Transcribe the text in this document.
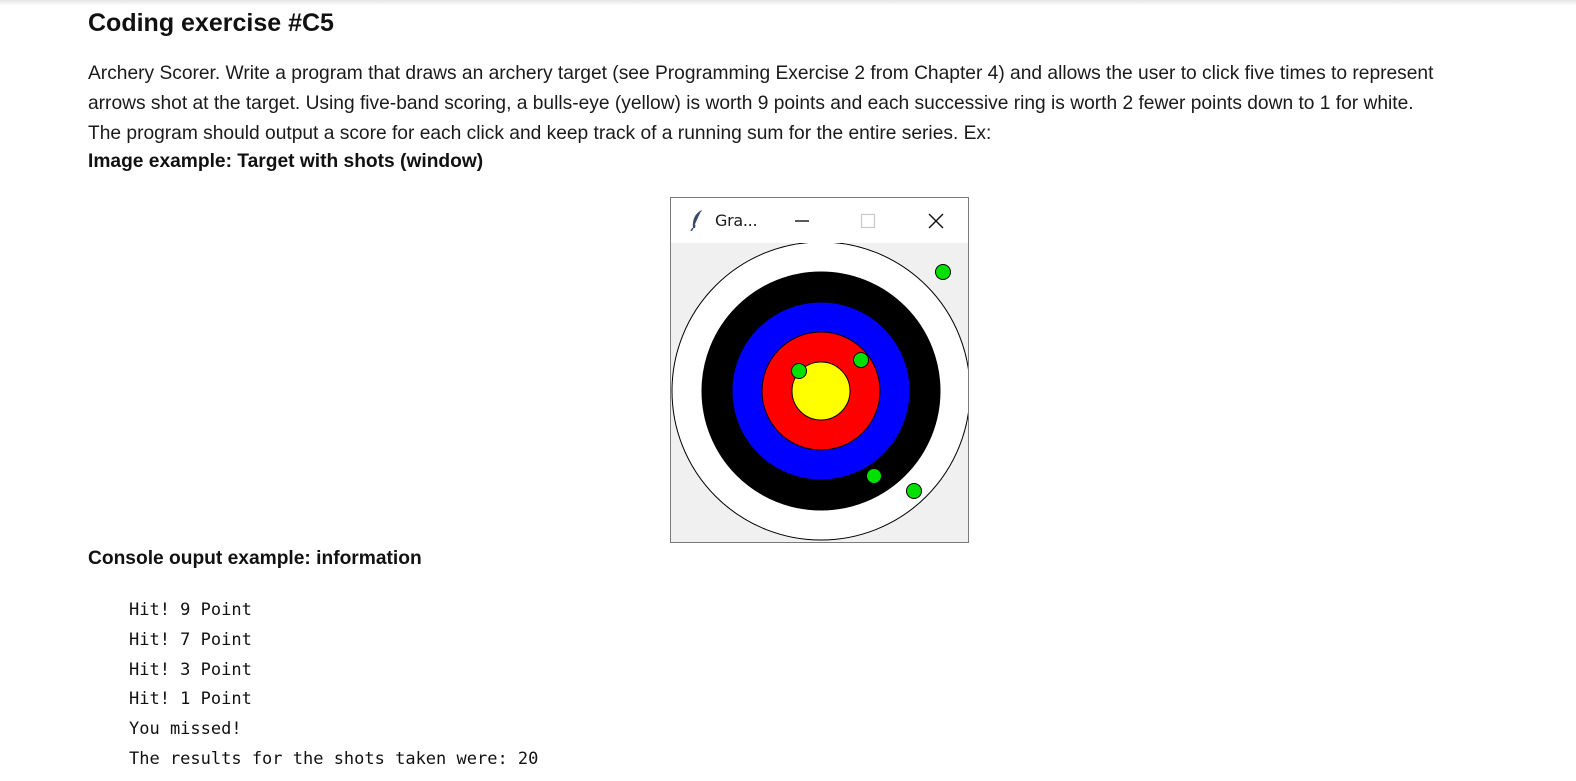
Coding exercise #C5

Archery Scorer. Write a program that draws an archery target (see Programming Exercise 2 from Chapter 4) and allows the user to click five times to represent
arrows shot at the target. Using five-band scoring, a bulls-eye (yellow) is worth 9 points and each successive ring is worth 2 fewer points down to 1 for white.
The program should output a score for each click and keep track of a running sum for the entire series. Ex:

Image example: Target with shots (window)
Gra...
Console ouput example: information
Hit! 9 Point
Hit! 7 Point
Hit! 3 Point
Hit! 1 Point
You missed!
The results for the shots taken were: 20
